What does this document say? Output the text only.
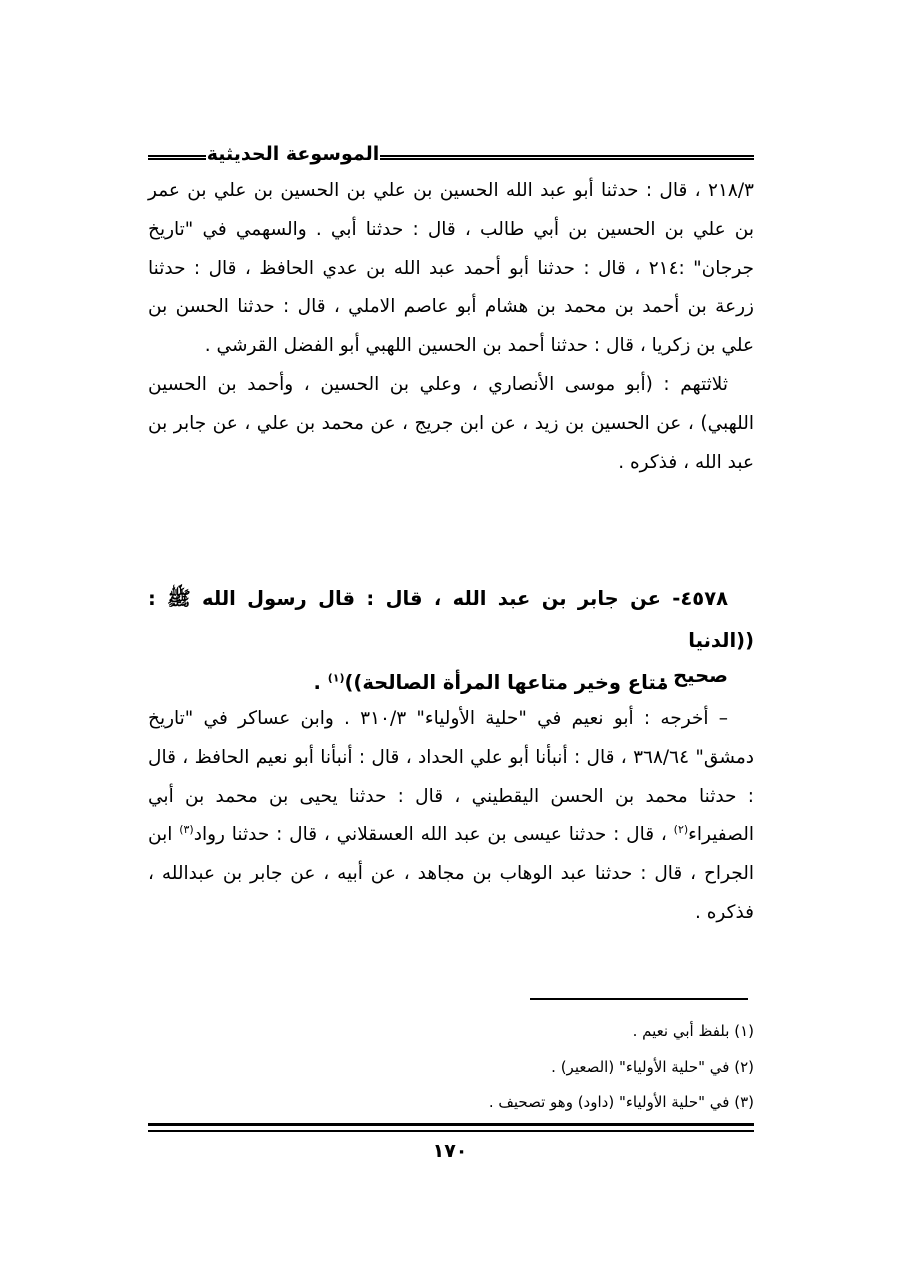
الموسوعة الحديثية

٢١٨/٣ ، قال : حدثنا أبو عبد الله الحسين بن علي بن الحسين بن علي بن عمر بن علي بن الحسين بن أبي طالب ، قال : حدثنا أبي . والسهمي في "تاريخ جرجان" :٢١٤ ، قال : حدثنا أبو أحمد عبد الله بن عدي الحافظ ، قال : حدثنا زرعة بن أحمد بن محمد بن هشام أبو عاصم الاملي ، قال : حدثنا الحسن بن علي بن زكريا ، قال : حدثنا أحمد بن الحسين اللهبي أبو الفضل القرشي .

ثلاثتهم : (أبو موسى الأنصاري ، وعلي بن الحسين ، وأحمد بن الحسين اللهبي) ، عن الحسين بن زيد ، عن ابن جريج ، عن محمد بن علي ، عن جابر بن عبد الله ، فذكره .

٤٥٧٨- عن جابر بن عبد الله ، قال : قال رسول الله ﷺ : ((الدنيا

متاع وخير متاعها المرأة الصالحة))$^{(١)}$ .	صحيح .

– أخرجه : أبو نعيم في "حلية الأولياء" ٣١٠/٣ . وابن عساكر في "تاريخ دمشق" ٣٦٨/٦٤ ، قال : أنبأنا أبو علي الحداد ، قال : أنبأنا أبو نعيم الحافظ ، قال : حدثنا محمد بن الحسن اليقطيني ، قال : حدثنا يحيى بن محمد بن أبي الصفيراء$^{(٢)}$ ، قال : حدثنا عيسى بن عبد الله العسقلاني ، قال : حدثنا رواد$^{(٣)}$ ابن الجراح ، قال : حدثنا عبد الوهاب بن مجاهد ، عن أبيه ، عن جابر بن عبدالله ، فذكره .

(١) بلفظ أبي نعيم .

(٢) في "حلية الأولياء" (الصعير) .

(٣) في "حلية الأولياء" (داود) وهو تصحيف .

١٧٠
